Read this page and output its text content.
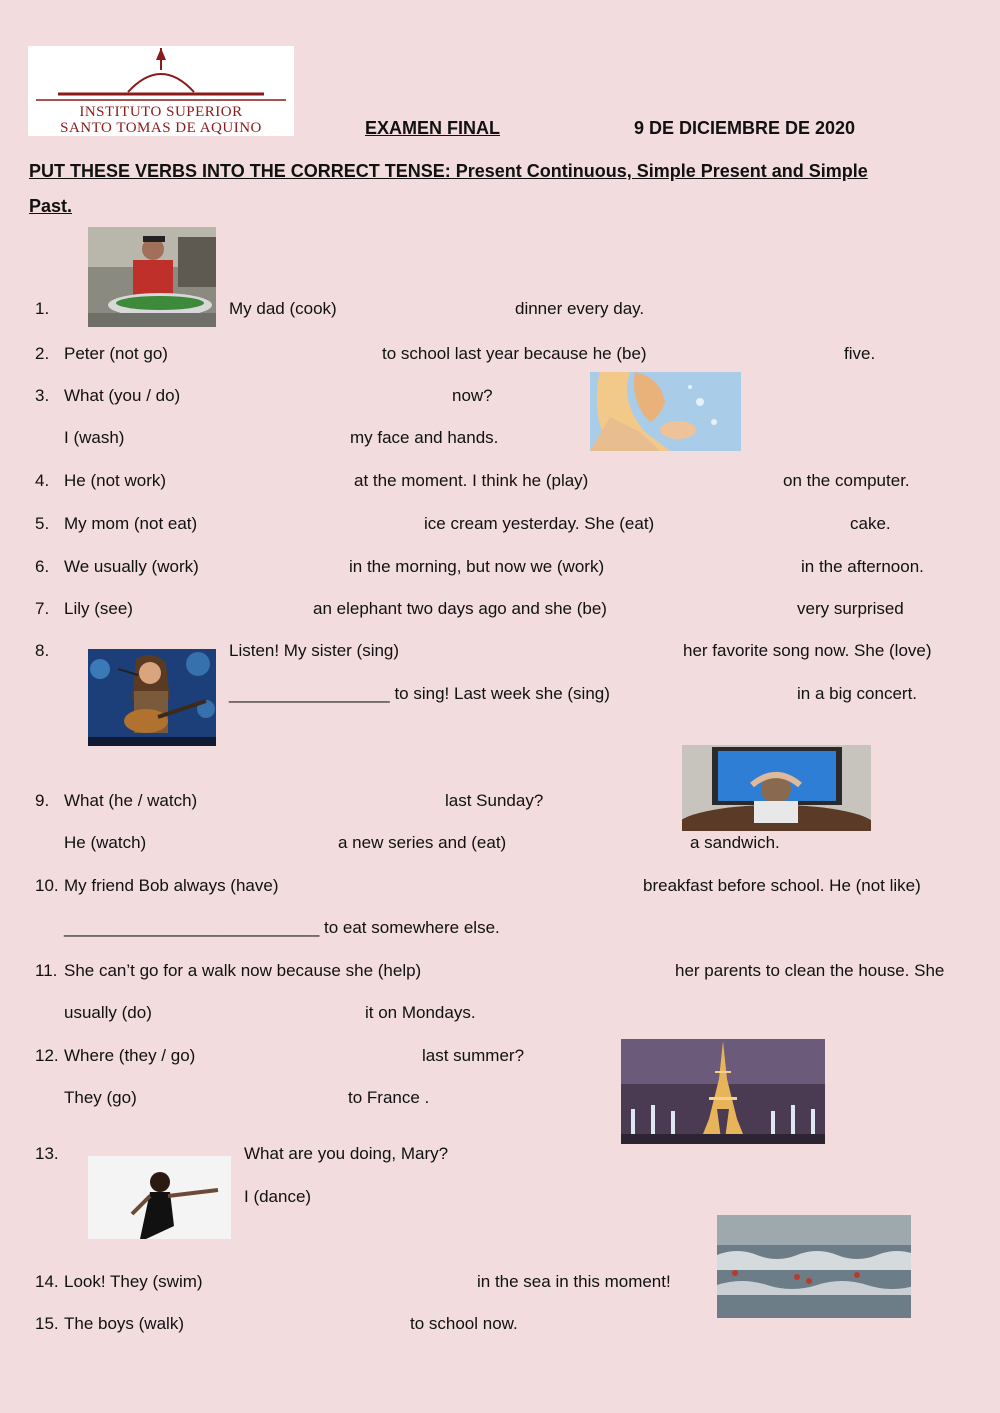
INSTITUTO SUPERIOR
SANTO TOMAS DE AQUINO	EXAMEN FINAL	9 DE DICIEMBRE DE 2020
PUT THESE VERBS INTO THE CORRECT TENSE: Present Continuous, Simple Present and Simple
Past.
1.	My dad (cook)	dinner every day.
2. Peter (not go)	to school last year because he (be)	five.
3. What (you / do)	now?
I (wash)	my face and hands.
4. He (not work)	at the moment. I think he (play)	on the computer.
5. My mom (not eat)	ice cream yesterday. She (eat)	cake.
6. We usually (work)	in the morning, but now we (work)	in the afternoon.
7. Lily (see)	an elephant two days ago and she (be)	very surprised
8.	Listen! My sister (sing)	her favorite song now. She (love)
_________________ to sing! Last week she (sing)	in a big concert.
9. What (he / watch)	last Sunday?
He (watch)	a new series and (eat)	a sandwich.
10. My friend Bob always (have)	breakfast before school. He (not like)
___________________________ to eat somewhere else.
11. She can’t go for a walk now because she (help)	her parents to clean the house. She
usually (do)	it on Mondays.
12. Where (they / go)	last summer?
They (go)	to France .
13.	What are you doing, Mary?
I (dance)
14. Look! They (swim)	in the sea in this moment!
15. The boys (walk)	to school now.
